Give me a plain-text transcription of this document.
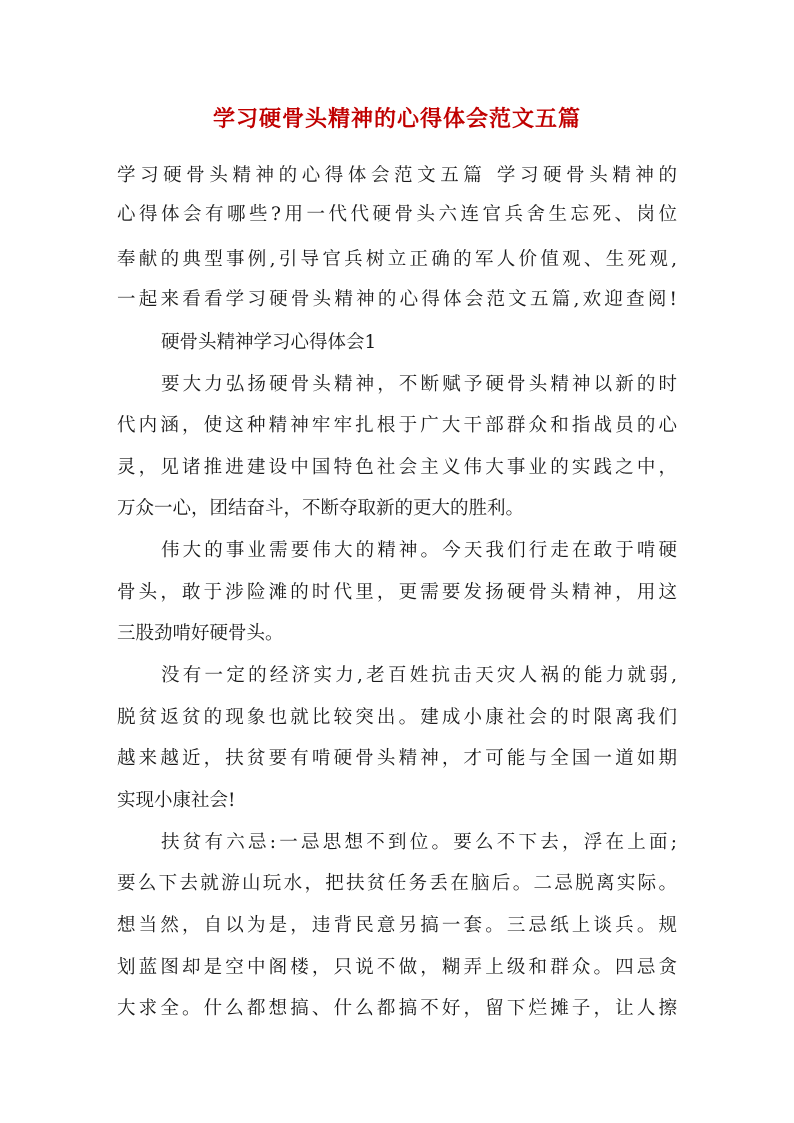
学习硬骨头精神的心得体会范文五篇
学习硬骨头精神的心得体会范文五篇 学习硬骨头精神的
心得体会有哪些?用一代代硬骨头六连官兵舍生忘死、岗位
奉献的典型事例,引导官兵树立正确的军人价值观、生死观,
一起来看看学习硬骨头精神的心得体会范文五篇,欢迎查阅!
硬骨头精神学习心得体会1
要大力弘扬硬骨头精神，不断赋予硬骨头精神以新的时
代内涵，使这种精神牢牢扎根于广大干部群众和指战员的心
灵，见诸推进建设中国特色社会主义伟大事业的实践之中，
万众一心，团结奋斗，不断夺取新的更大的胜利。
伟大的事业需要伟大的精神。今天我们行走在敢于啃硬
骨头，敢于涉险滩的时代里，更需要发扬硬骨头精神，用这
三股劲啃好硬骨头。
没有一定的经济实力,老百姓抗击天灾人祸的能力就弱,
脱贫返贫的现象也就比较突出。建成小康社会的时限离我们
越来越近，扶贫要有啃硬骨头精神，才可能与全国一道如期
实现小康社会!
扶贫有六忌:一忌思想不到位。要么不下去，浮在上面;
要么下去就游山玩水，把扶贫任务丢在脑后。二忌脱离实际。
想当然，自以为是，违背民意另搞一套。三忌纸上谈兵。规
划蓝图却是空中阁楼，只说不做，糊弄上级和群众。四忌贪
大求全。什么都想搞、什么都搞不好，留下烂摊子，让人擦
